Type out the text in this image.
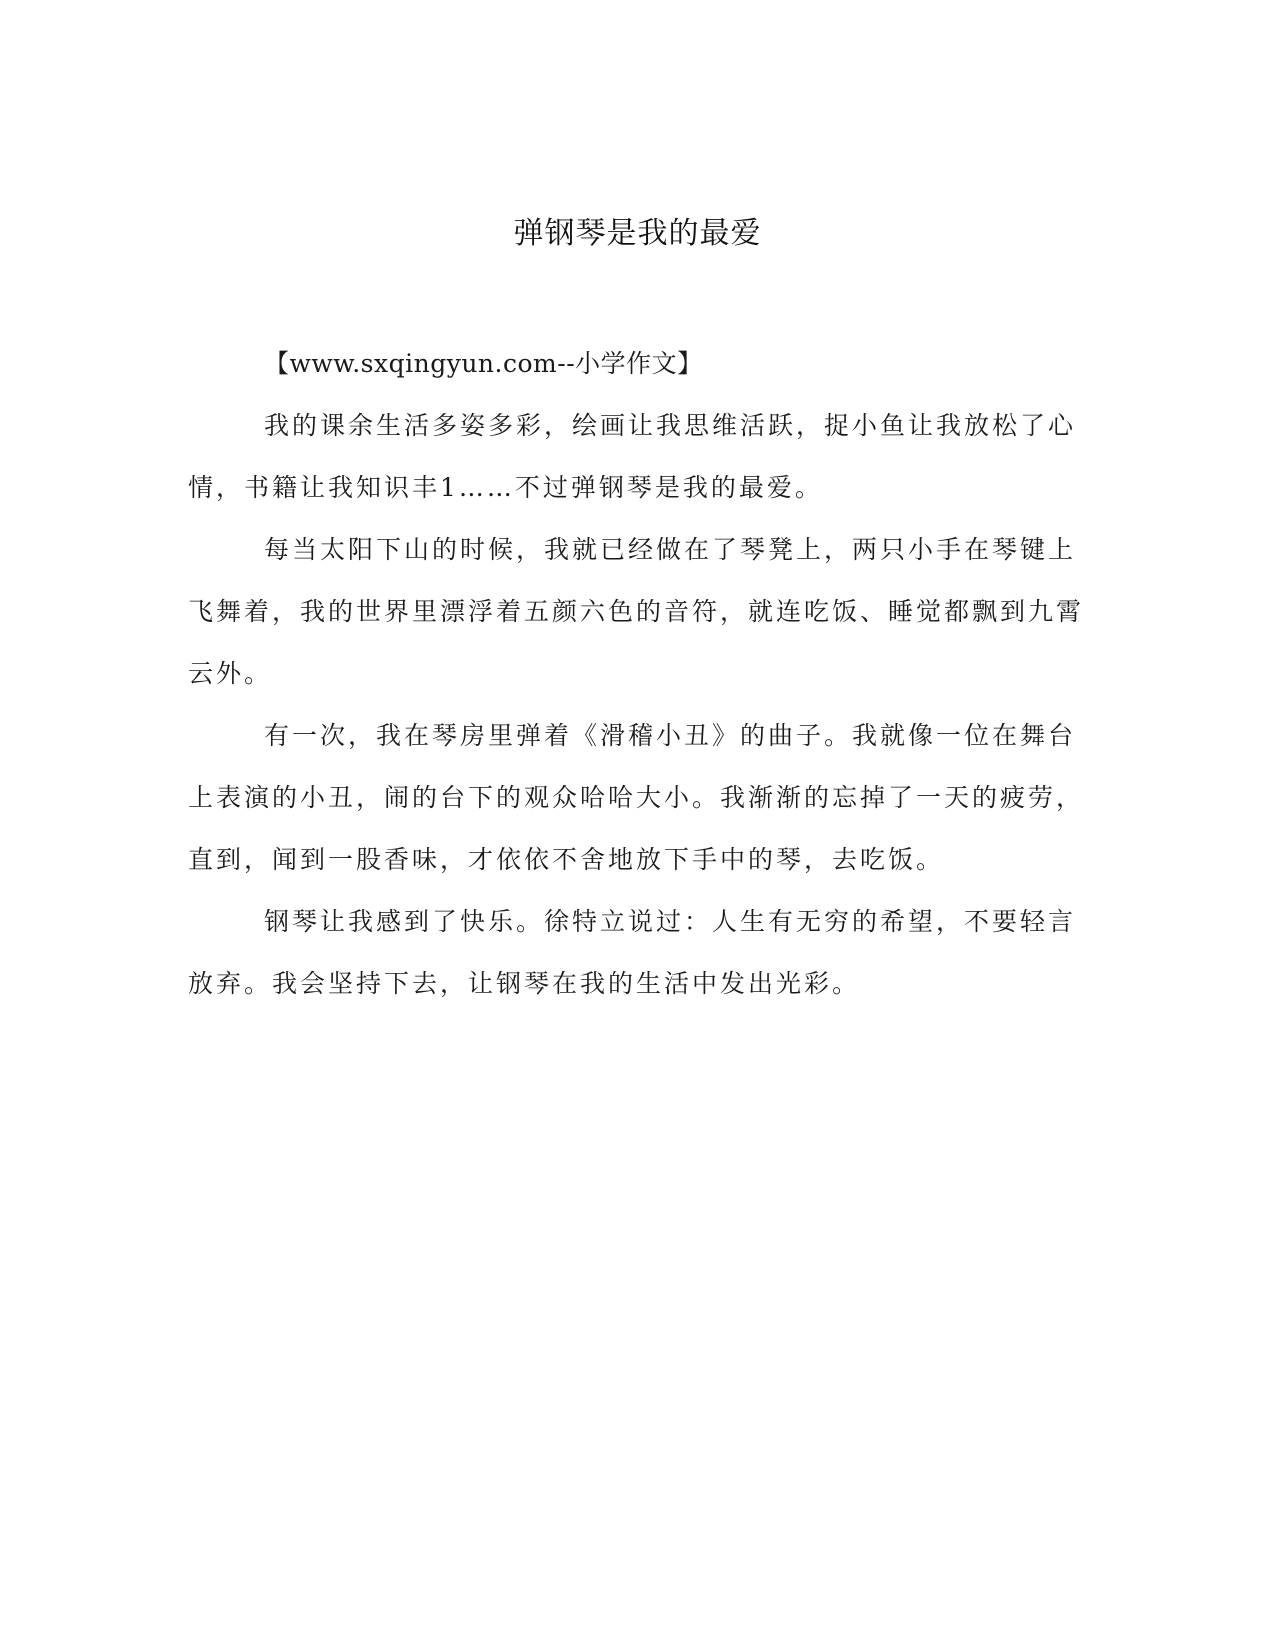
弹钢琴是我的最爱
【www.sxqingyun.com--小学作文】

我的课余生活多姿多彩，绘画让我思维活跃，捉小鱼让我放松了心情，书籍让我知识丰1……不过弹钢琴是我的最爱。

每当太阳下山的时候，我就已经做在了琴凳上，两只小手在琴键上飞舞着，我的世界里漂浮着五颜六色的音符，就连吃饭、睡觉都飘到九霄云外。

有一次，我在琴房里弹着《滑稽小丑》的曲子。我就像一位在舞台上表演的小丑，闹的台下的观众哈哈大小。我渐渐的忘掉了一天的疲劳，直到，闻到一股香味，才依依不舍地放下手中的琴，去吃饭。

钢琴让我感到了快乐。徐特立说过：人生有无穷的希望，不要轻言放弃。我会坚持下去，让钢琴在我的生活中发出光彩。
